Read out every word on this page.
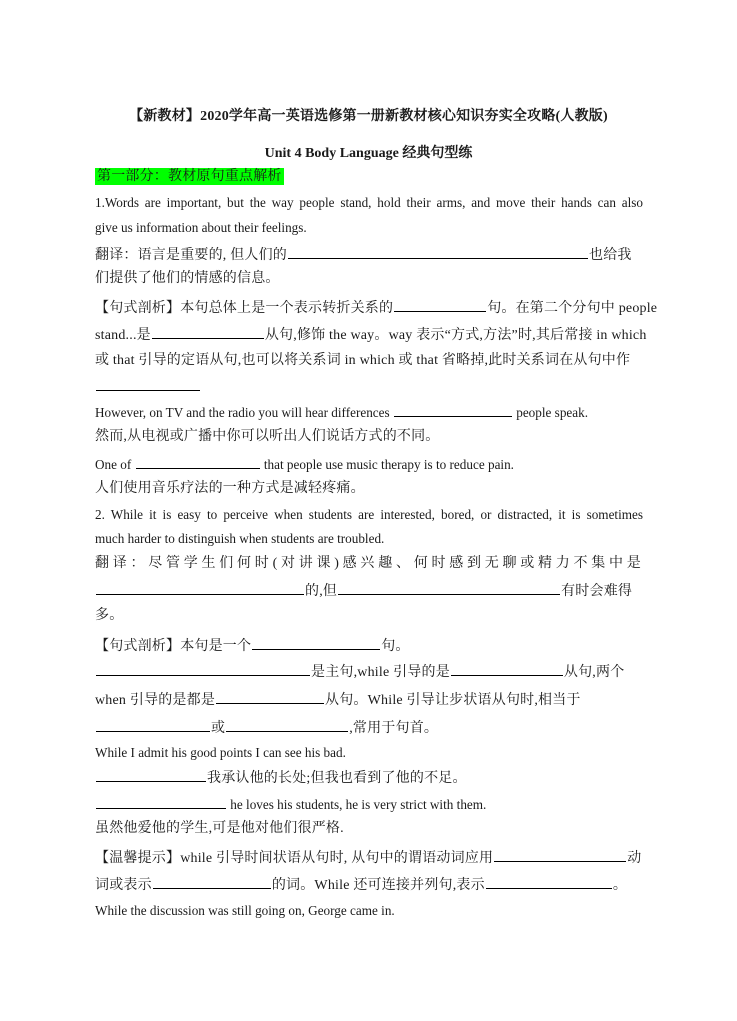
【新教材】2020学年高一英语选修第一册新教材核心知识夯实全攻略(人教版)
Unit 4 Body Language 经典句型练
第一部分：教材原句重点解析
1.Words are important, but the way people stand, hold their arms, and move their hands can also
give us information about their feelings.
翻译：语言是重要的, 但人们的	也给我
们提供了他们的情感的信息。
【句式剖析】本句总体上是一个表示转折关系的	句。在第二个分句中 people
stand...是	从句,修饰 the way。way 表示“方式,方法”时,其后常接 in which
或 that 引导的定语从句,也可以将关系词 in which 或 that 省略掉,此时关系词在从句中作
However, on TV and the radio you will hear differences	people speak.
然而,从电视或广播中你可以听出人们说话方式的不同。
One of	that people use music therapy is to reduce pain.
人们使用音乐疗法的一种方式是减轻疼痛。
2. While it is easy to perceive when students are interested, bored, or distracted, it is sometimes
much harder to distinguish when students are troubled.
翻译：尽管学生们何时(对讲课)感兴趣、何时感到无聊或精力不集中是
的,但	有时会难得
多。
【句式剖析】本句是一个	句。
是主句,while 引导的是	从句,两个
when 引导的是都是	从句。While 引导让步状语从句时,相当于
或	,常用于句首。
While I admit his good points I can see his bad.
我承认他的长处;但我也看到了他的不足。
he loves his students, he is very strict with them.
虽然他爱他的学生,可是他对他们很严格.
【温馨提示】while 引导时间状语从句时, 从句中的谓语动词应用	动
词或表示	的词。While 还可连接并列句,表示	。
While the discussion was still going on, George came in.
